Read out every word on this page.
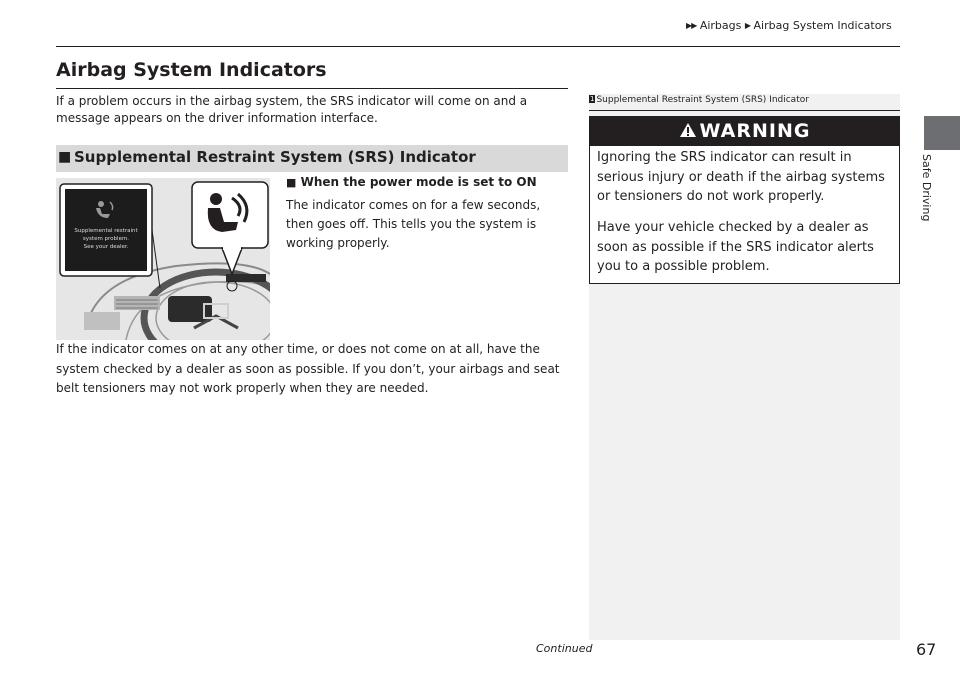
▶▶ Airbags ▶ Airbag System Indicators
Safe Driving
Airbag System Indicators
If a problem occurs in the airbag system, the SRS indicator will come on and a message appears on the driver information interface.
■ Supplemental Restraint System (SRS) Indicator
Supplemental restraint
system problem.
See your dealer.
■ When the power mode is set to ON
The indicator comes on for a few seconds, then goes off. This tells you the system is working properly.
If the indicator comes on at any other time, or does not come on at all, have the system checked by a dealer as soon as possible. If you don’t, your airbags and seat belt tensioners may not work properly when they are needed.
1 Supplemental Restraint System (SRS) Indicator
WARNING
Ignoring the SRS indicator can result in serious injury or death if the airbag systems or tensioners do not work properly.
Have your vehicle checked by a dealer as soon as possible if the SRS indicator alerts you to a possible problem.
Continued	67
